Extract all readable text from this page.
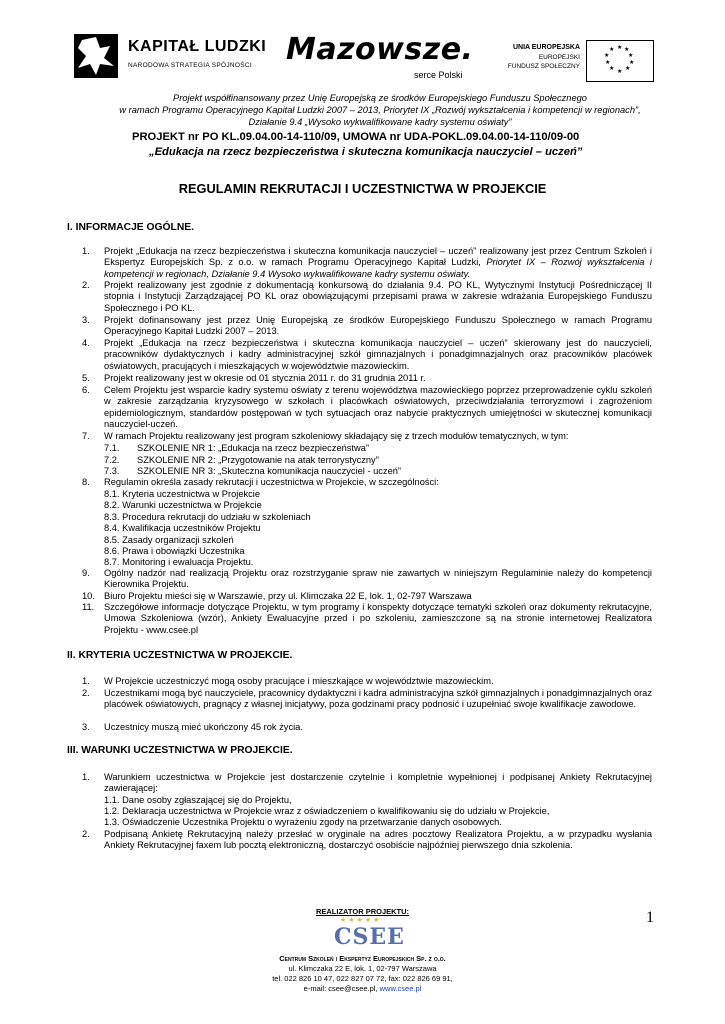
KAPITAŁ LUDZKI
NARODOWA STRATEGIA SPÓJNOŚCI Mazowsze.
serce Polski
UNIA EUROPEJSKA
EUROPEJSKI
FUNDUSZ SPOŁECZNY
★ ★
★
★
★
★
★
★
★
★
Projekt współfinansowany przez Unię Europejską ze środków Europejskiego Funduszu Społecznego
w ramach Programu Operacyjnego Kapitał Ludzki 2007 – 2013, Priorytet IX „Rozwój wykształcenia i kompetencji w regionach”,
Działanie 9.4 „Wysoko wykwalifikowane kadry systemu oświaty”
PROJEKT nr PO KL.09.04.00-14-110/09, UMOWA nr UDA-POKL.09.04.00-14-110/09-00
„Edukacja na rzecz bezpieczeństwa i skuteczna komunikacja nauczyciel – uczeń”
REGULAMIN REKRUTACJI I UCZESTNICTWA W PROJEKCIE
I. INFORMACJE OGÓLNE.
1. Projekt „Edukacja na rzecz bezpieczeństwa i skuteczna komunikacja nauczyciel – uczeń” realizowany jest przez Centrum Szkoleń i Ekspertyz Europejskich Sp. z o.o. w ramach Programu Operacyjnego Kapitał Ludzki, Priorytet IX – Rozwój wykształcenia i kompetencji w regionach, Działanie 9.4 Wysoko wykwalifikowane kadry systemu oświaty.
2. Projekt realizowany jest zgodnie z dokumentacją konkursową do działania 9.4. PO KL, Wytycznymi Instytucji Pośredniczącej II stopnia i Instytucji Zarządzającej PO KL oraz obowiązującymi przepisami prawa w zakresie wdrażania Europejskiego Funduszu Społecznego i PO KL.
3. Projekt dofinansowany jest przez Unię Europejską ze środków Europejskiego Funduszu Społecznego w ramach Programu Operacyjnego Kapitał Ludzki 2007 – 2013.
4. Projekt „Edukacja na rzecz bezpieczeństwa i skuteczna komunikacja nauczyciel – uczeń” skierowany jest do nauczycieli, pracowników dydaktycznych i kadry administracyjnej szkół gimnazjalnych i ponadgimnazjalnych oraz pracowników placówek oświatowych, pracujących i mieszkających w województwie mazowieckim.
5. Projekt realizowany jest w okresie od 01 stycznia 2011 r. do 31 grudnia 2011 r.
6. Celem Projektu jest wsparcie kadry systemu oświaty z terenu województwa mazowieckiego poprzez przeprowadzenie cyklu szkoleń w zakresie zarządzania kryzysowego w szkołach i placówkach oświatowych, przeciwdziałania terroryzmowi i zagrożeniom epidemiologicznym, standardów postępowań w tych sytuacjach oraz nabycie praktycznych umiejętności w skutecznej komunikacji nauczyciel-uczeń.
7. W ramach Projektu realizowany jest program szkoleniowy składający się z trzech modułów tematycznych, w tym:
7.1. SZKOLENIE NR 1: „Edukacja na rzecz bezpieczeństwa”
7.2. SZKOLENIE NR 2: „Przygotowanie na atak terrorystyczny”
7.3. SZKOLENIE NR 3: „Skuteczna komunikacja nauczyciel - uczeń”
8. Regulamin określa zasady rekrutacji i uczestnictwa w Projekcie, w szczególności:
8.1. Kryteria uczestnictwa w Projekcie
8.2. Warunki uczestnictwa w Projekcie
8.3. Procedura rekrutacji do udziału w szkoleniach
8.4. Kwalifikacja uczestników Projektu
8.5. Zasady organizacji szkoleń
8.6. Prawa i obowiązki Uczestnika
8.7. Monitoring i ewaluacja Projektu.
9. Ogólny nadzór nad realizacją Projektu oraz rozstrzyganie spraw nie zawartych w niniejszym Regulaminie należy do kompetencji Kierownika Projektu.
10. Biuro Projektu mieści się w Warszawie, przy ul. Klimczaka 22 E, lok. 1, 02-797 Warszawa
11. Szczegółowe informacje dotyczące Projektu, w tym programy i konspekty dotyczące tematyki szkoleń oraz dokumenty rekrutacyjne, Umowa Szkoleniowa (wzór), Ankiety Ewaluacyjne przed i po szkoleniu, zamieszczone są na stronie internetowej Realizatora Projektu - www.csee.pl
II. KRYTERIA UCZESTNICTWA W PROJEKCIE.
1. W Projekcie uczestniczyć mogą osoby pracujące i mieszkające w województwie mazowieckim.
2. Uczestnikami mogą być nauczyciele, pracownicy dydaktyczni i kadra administracyjna szkół gimnazjalnych i ponadgimnazjalnych oraz placówek oświatowych, pragnący z własnej inicjatywy, poza godzinami pracy podnosić i uzupełniać swoje kwalifikacje zawodowe.
3. Uczestnicy muszą mieć ukończony 45 rok życia.
III. WARUNKI UCZESTNICTWA W PROJEKCIE.
1. Warunkiem uczestnictwa w Projekcie jest dostarczenie czytelnie i kompletnie wypełnionej i podpisanej Ankiety Rekrutacyjnej zawierającej:
1.1. Dane osoby zgłaszającej się do Projektu,
1.2. Deklaracja uczestnictwa w Projekcie wraz z oświadczeniem o kwalifikowaniu się do udziału w Projekcie,
1.3. Oświadczenie Uczestnika Projektu o wyrażeniu zgody na przetwarzanie danych osobowych.
2. Podpisaną Ankietę Rekrutacyjną należy przesłać w oryginale na adres pocztowy Realizatora Projektu, a w przypadku wysłania Ankiety Rekrutacyjnej faxem lub pocztą elektroniczną, dostarczyć osobiście najpóźniej pierwszego dnia szkolenia.
REALIZATOR PROJEKTU:	1
★★★★★
CSEE
Centrum Szkoleń i Ekspertyz Europejskich Sp. z o.o.
ul. Klimczaka 22 E, lok. 1, 02-797 Warszawa
tel. 022 826 10 47, 022 827 07 72, fax: 022 826 69 91,
e-mail: csee@csee.pl, www.csee.pl
